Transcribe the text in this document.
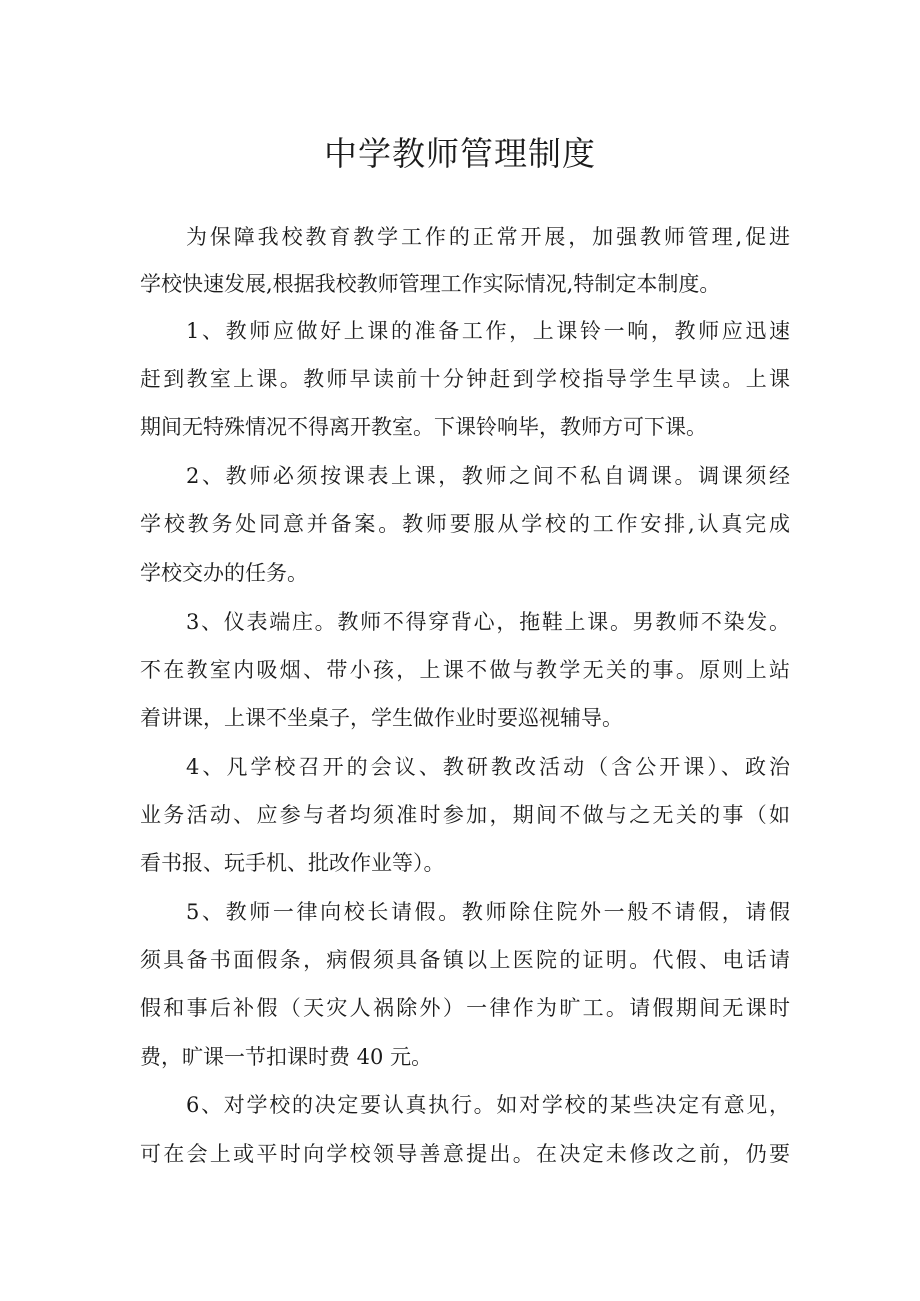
中学教师管理制度

为保障我校教育教学工作的正常开展，加强教师管理,促进

学校快速发展,根据我校教师管理工作实际情况,特制定本制度。

1、教师应做好上课的准备工作，上课铃一响，教师应迅速

赶到教室上课。教师早读前十分钟赶到学校指导学生早读。上课

期间无特殊情况不得离开教室。下课铃响毕，教师方可下课。

2、教师必须按课表上课，教师之间不私自调课。调课须经

学校教务处同意并备案。教师要服从学校的工作安排,认真完成

学校交办的任务。

3、仪表端庄。教师不得穿背心，拖鞋上课。男教师不染发。

不在教室内吸烟、带小孩，上课不做与教学无关的事。原则上站

着讲课，上课不坐桌子，学生做作业时要巡视辅导。

4、凡学校召开的会议、教研教改活动（含公开课）、政治

业务活动、应参与者均须准时参加，期间不做与之无关的事（如

看书报、玩手机、批改作业等）。

5、教师一律向校长请假。教师除住院外一般不请假，请假

须具备书面假条，病假须具备镇以上医院的证明。代假、电话请

假和事后补假（天灾人祸除外）一律作为旷工。请假期间无课时

费，旷课一节扣课时费 40 元。

6、对学校的决定要认真执行。如对学校的某些决定有意见，

可在会上或平时向学校领导善意提出。在决定未修改之前，仍要
